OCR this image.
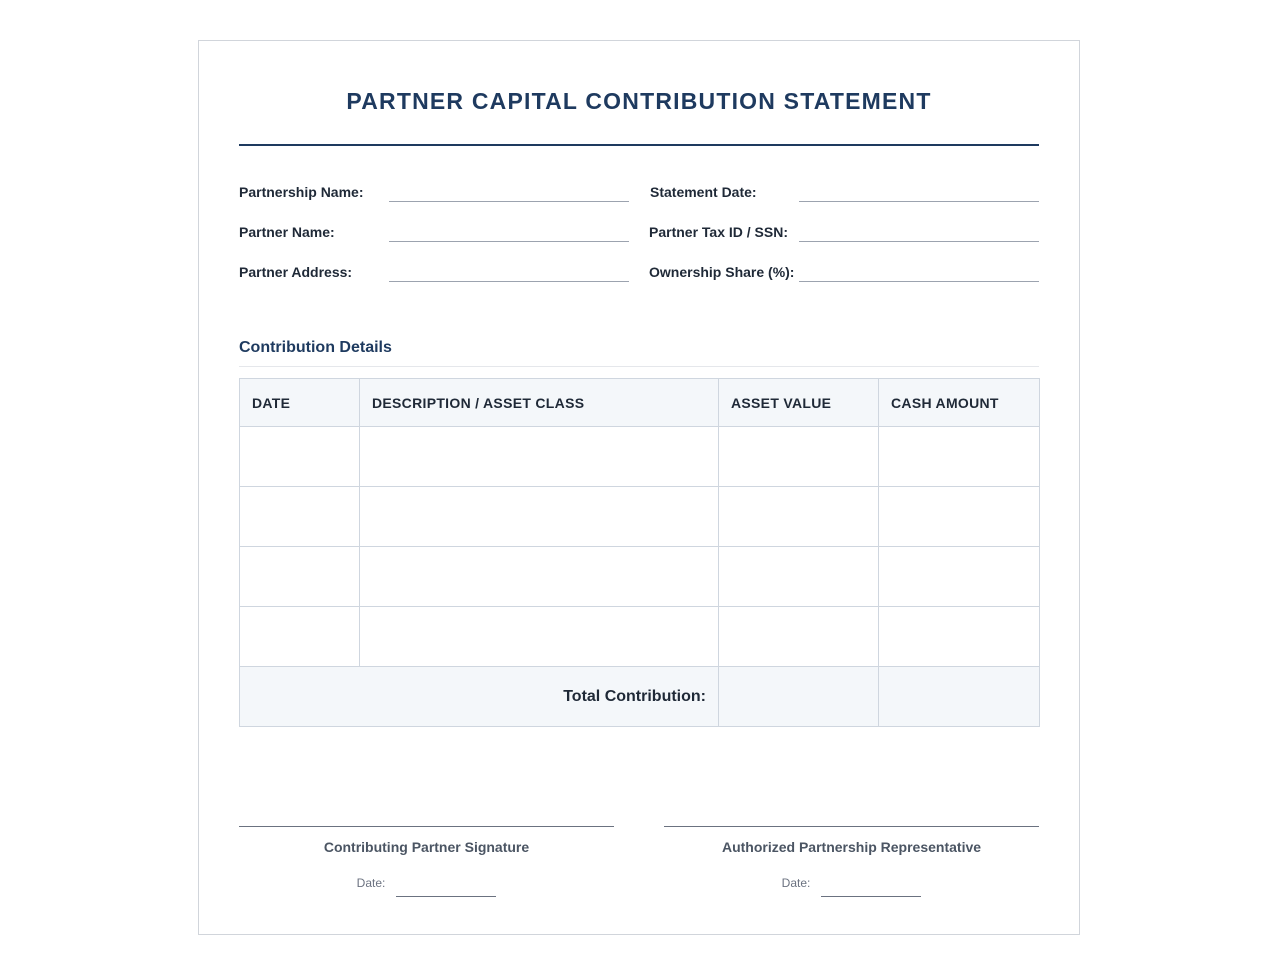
PARTNER CAPITAL CONTRIBUTION STATEMENT
Partnership Name:
Partner Name:
Partner Address:
Statement Date:
Partner Tax ID / SSN:
Ownership Share (%):
Contribution Details
DATE	DESCRIPTION / ASSET CLASS	ASSET VALUE	CASH AMOUNT

Total Contribution:			
Contributing Partner Signature
Date:
Authorized Partnership Representative
Date:
